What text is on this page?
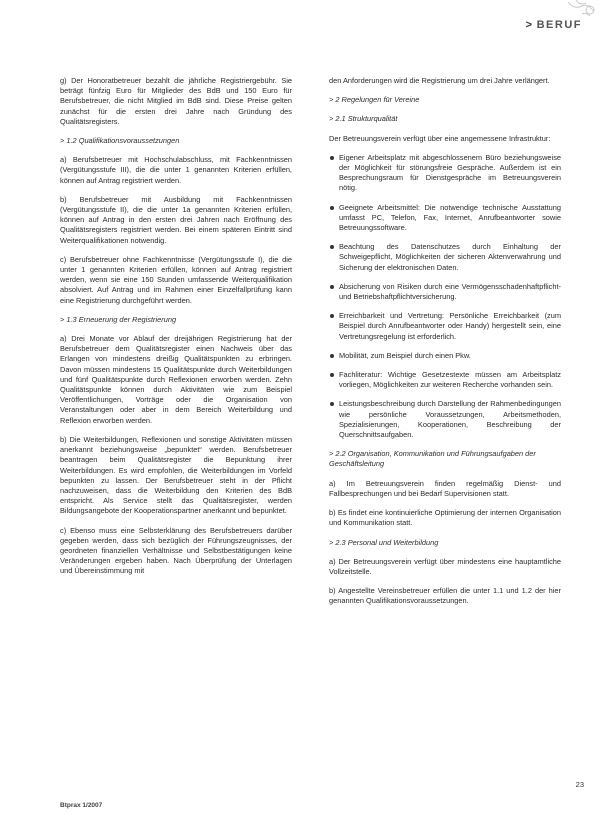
> BERUF

g) Der Honoratbetreuer bezahlt die jährliche Registriergebühr. Sie beträgt fünfzig Euro für Mitglieder des BdB und 150 Euro für Berufsbetreuer, die nicht Mitglied im BdB sind. Diese Preise gelten zunächst für die ersten drei Jahre nach Gründung des Qualitätsregisters.

> 1.2 Qualifikationsvoraussetzungen

a) Berufsbetreuer mit Hochschulabschluss, mit Fachkenntnissen (Vergütungsstufe III), die die unter 1 genannten Kriterien erfüllen, können auf Antrag registriert werden.

b) Berufsbetreuer mit Ausbildung mit Fachkenntnissen (Vergütungsstufe II), die die unter 1a genannten Kriterien erfüllen, können auf Antrag in den ersten drei Jahren nach Eröffnung des Qualitätsregisters registriert werden. Bei einem späteren Eintritt sind Weiterqualifikationen notwendig.

c) Berufsbetreuer ohne Fachkenntnisse (Vergütungsstufe I), die die unter 1 genannten Kriterien erfüllen, können auf Antrag registriert werden, wenn sie eine 150 Stunden umfassende Weiterqualifikation absolviert. Auf Antrag und im Rahmen einer Einzelfallprüfung kann eine Registrierung durchgeführt werden.

> 1.3 Erneuerung der Registrierung

a) Drei Monate vor Ablauf der dreijährigen Registrierung hat der Berufsbetreuer dem Qualitätsregister einen Nachweis über das Erlangen von mindestens dreißig Qualitätspunkten zu erbringen. Davon müssen mindestens 15 Qualitätspunkte durch Weiterbildungen und fünf Qualitätspunkte durch Reflexionen erworben werden. Zehn Qualitätspunkte können durch Aktivitäten wie zum Beispiel Veröffentlichungen, Vorträge oder die Organisation von Veranstaltungen oder aber in dem Bereich Weiterbildung und Reflexion erworben werden.

b) Die Weiterbildungen, Reflexionen und sonstige Aktivitäten müssen anerkannt beziehungsweise „bepunktet“ werden. Berufsbetreuer beantragen beim Qualitätsregister die Bepunktung ihrer Weiterbildungen. Es wird empfohlen, die Weiterbildungen im Vorfeld bepunkten zu lassen. Der Berufsbetreuer steht in der Pflicht nachzuweisen, dass die Weiterbildung den Kriterien des BdB entspricht. Als Service stellt das Qualitätsregister, werden Bildungsangebote der Kooperationspartner anerkannt und bepunktet.

c) Ebenso muss eine Selbsterklärung des Berufsbetreuers darüber gegeben werden, dass sich bezüglich der Führungszeugnisses, der geordneten finanziellen Verhältnisse und Selbstbestätigungen keine Veränderungen ergeben haben. Nach Überprüfung der Unterlagen und Übereinstimmung mit

den Anforderungen wird die Registrierung um drei Jahre verlängert.

> 2 Regelungen für Vereine
> 2.1 Strukturqualität

Der Betreuungsverein verfügt über eine angemessene Infrastruktur:

Eigener Arbeitsplatz mit abgeschlossenem Büro beziehungsweise der Möglichkeit für störungsfreie Gespräche. Außerdem ist ein Besprechungsraum für Dienstgespräche im Betreuungsverein nötig.
Geeignete Arbeitsmittel: Die notwendige technische Ausstattung umfasst PC, Telefon, Fax, Internet, Anrufbeantworter sowie Betreuungssoftware.
Beachtung des Datenschutzes durch Einhaltung der Schweigepflicht, Möglichkeiten der sicheren Aktenverwahrung und Sicherung der elektronischen Daten.
Absicherung von Risiken durch eine Vermögensschadenhaftpflicht- und Betriebshaftpflichtversicherung.
Erreichbarkeit und Vertretung: Persönliche Erreichbarkeit (zum Beispiel durch Anrufbeantworter oder Handy) hergestellt sein, eine Vertretungsregelung ist erforderlich.
Mobilität, zum Beispiel durch einen Pkw.
Fachliteratur: Wichtige Gesetzestexte müssen am Arbeitsplatz vorliegen, Möglichkeiten zur weiteren Recherche vorhanden sein.
Leistungsbeschreibung durch Darstellung der Rahmenbedingungen wie persönliche Voraussetzungen, Arbeitsmethoden, Spezialisierungen, Kooperationen, Beschreibung der Querschnittsaufgaben.
> 2.2 Organisation, Kommunikation und Führungsaufgaben der Geschäftsleitung

a) Im Betreuungsverein finden regelmäßig Dienst- und Fallbesprechungen und bei Bedarf Supervisionen statt.

b) Es findet eine kontinuierliche Optimierung der internen Organisation und Kommunikation statt.

> 2.3 Personal und Weiterbildung

a) Der Betreuungsverein verfügt über mindestens eine hauptamtliche Vollzeitstelle.

b) Angestellte Vereinsbetreuer erfüllen die unter 1.1 und 1.2 der hier genannten Qualifikationsvoraussetzungen.

23
Btprax 1/2007
